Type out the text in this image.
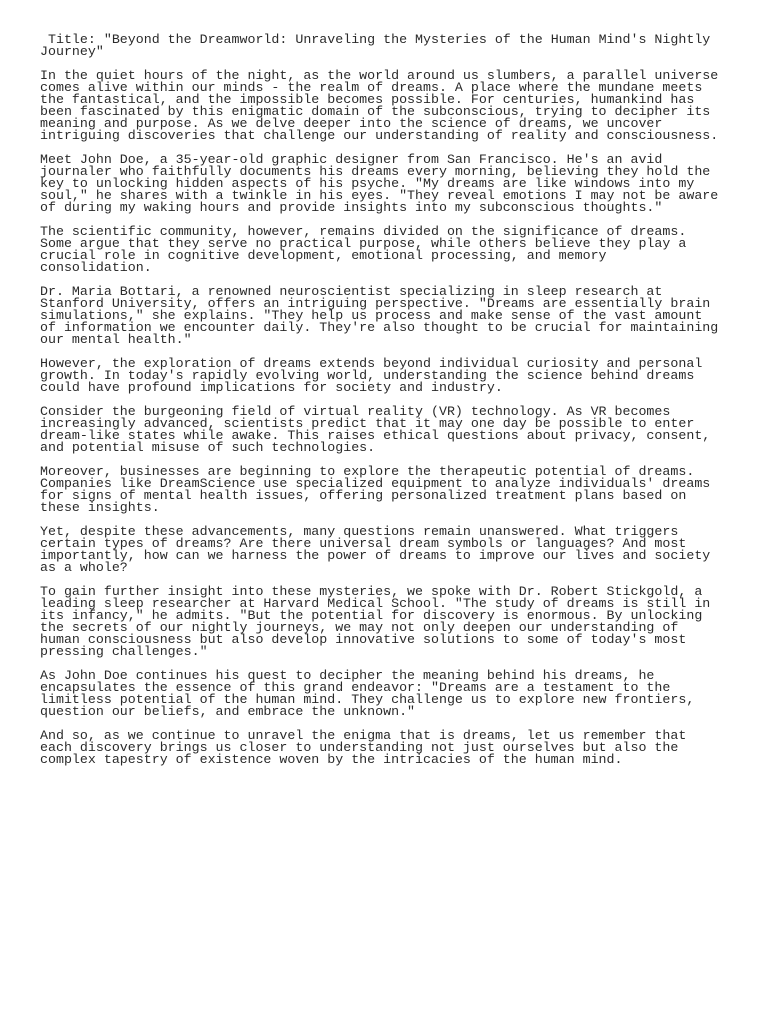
Title: "Beyond the Dreamworld: Unraveling the Mysteries of the Human Mind's Nightly
Journey"

In the quiet hours of the night, as the world around us slumbers, a parallel universe
comes alive within our minds - the realm of dreams. A place where the mundane meets
the fantastical, and the impossible becomes possible. For centuries, humankind has
been fascinated by this enigmatic domain of the subconscious, trying to decipher its
meaning and purpose. As we delve deeper into the science of dreams, we uncover
intriguing discoveries that challenge our understanding of reality and consciousness.

Meet John Doe, a 35-year-old graphic designer from San Francisco. He's an avid
journaler who faithfully documents his dreams every morning, believing they hold the
key to unlocking hidden aspects of his psyche. "My dreams are like windows into my
soul," he shares with a twinkle in his eyes. "They reveal emotions I may not be aware
of during my waking hours and provide insights into my subconscious thoughts."

The scientific community, however, remains divided on the significance of dreams.
Some argue that they serve no practical purpose, while others believe they play a
crucial role in cognitive development, emotional processing, and memory
consolidation.

Dr. Maria Bottari, a renowned neuroscientist specializing in sleep research at
Stanford University, offers an intriguing perspective. "Dreams are essentially brain
simulations," she explains. "They help us process and make sense of the vast amount
of information we encounter daily. They're also thought to be crucial for maintaining
our mental health."

However, the exploration of dreams extends beyond individual curiosity and personal
growth. In today's rapidly evolving world, understanding the science behind dreams
could have profound implications for society and industry.

Consider the burgeoning field of virtual reality (VR) technology. As VR becomes
increasingly advanced, scientists predict that it may one day be possible to enter
dream-like states while awake. This raises ethical questions about privacy, consent,
and potential misuse of such technologies.

Moreover, businesses are beginning to explore the therapeutic potential of dreams.
Companies like DreamScience use specialized equipment to analyze individuals' dreams
for signs of mental health issues, offering personalized treatment plans based on
these insights.

Yet, despite these advancements, many questions remain unanswered. What triggers
certain types of dreams? Are there universal dream symbols or languages? And most
importantly, how can we harness the power of dreams to improve our lives and society
as a whole?

To gain further insight into these mysteries, we spoke with Dr. Robert Stickgold, a
leading sleep researcher at Harvard Medical School. "The study of dreams is still in
its infancy," he admits. "But the potential for discovery is enormous. By unlocking
the secrets of our nightly journeys, we may not only deepen our understanding of
human consciousness but also develop innovative solutions to some of today's most
pressing challenges."

As John Doe continues his quest to decipher the meaning behind his dreams, he
encapsulates the essence of this grand endeavor: "Dreams are a testament to the
limitless potential of the human mind. They challenge us to explore new frontiers,
question our beliefs, and embrace the unknown."

And so, as we continue to unravel the enigma that is dreams, let us remember that
each discovery brings us closer to understanding not just ourselves but also the
complex tapestry of existence woven by the intricacies of the human mind.
